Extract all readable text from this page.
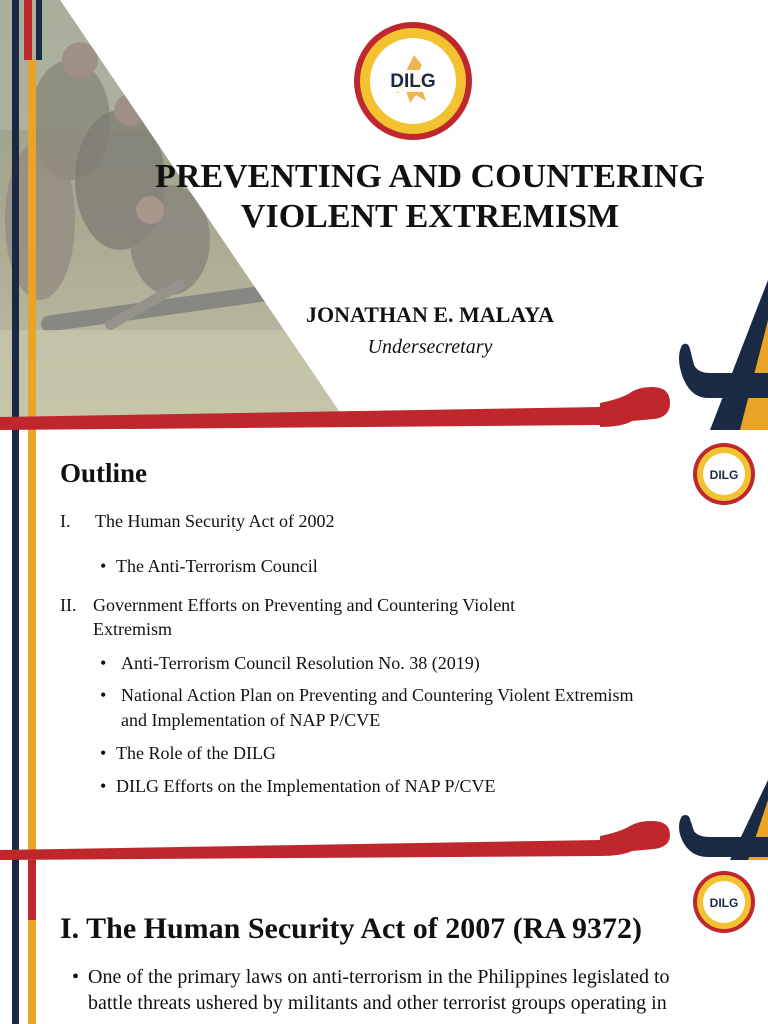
DILG
PREVENTING AND COUNTERING
VIOLENT EXTREMISM
JONATHAN E. MALAYA
Undersecretary
DILG
Outline
I. The Human Security Act of 2002
• The Anti-Terrorism Council
II. Government Efforts on Preventing and Countering Violent
Extremism
• Anti-Terrorism Council Resolution No. 38 (2019)
• National Action Plan on Preventing and Countering Violent Extremism
and Implementation of NAP P/CVE
• The Role of the DILG
• DILG Efforts on the Implementation of NAP P/CVE
DILG
I. The Human Security Act of 2007 (RA 9372)
• One of the primary laws on anti-terrorism in the Philippines legislated to
battle threats ushered by militants and other terrorist groups operating in
